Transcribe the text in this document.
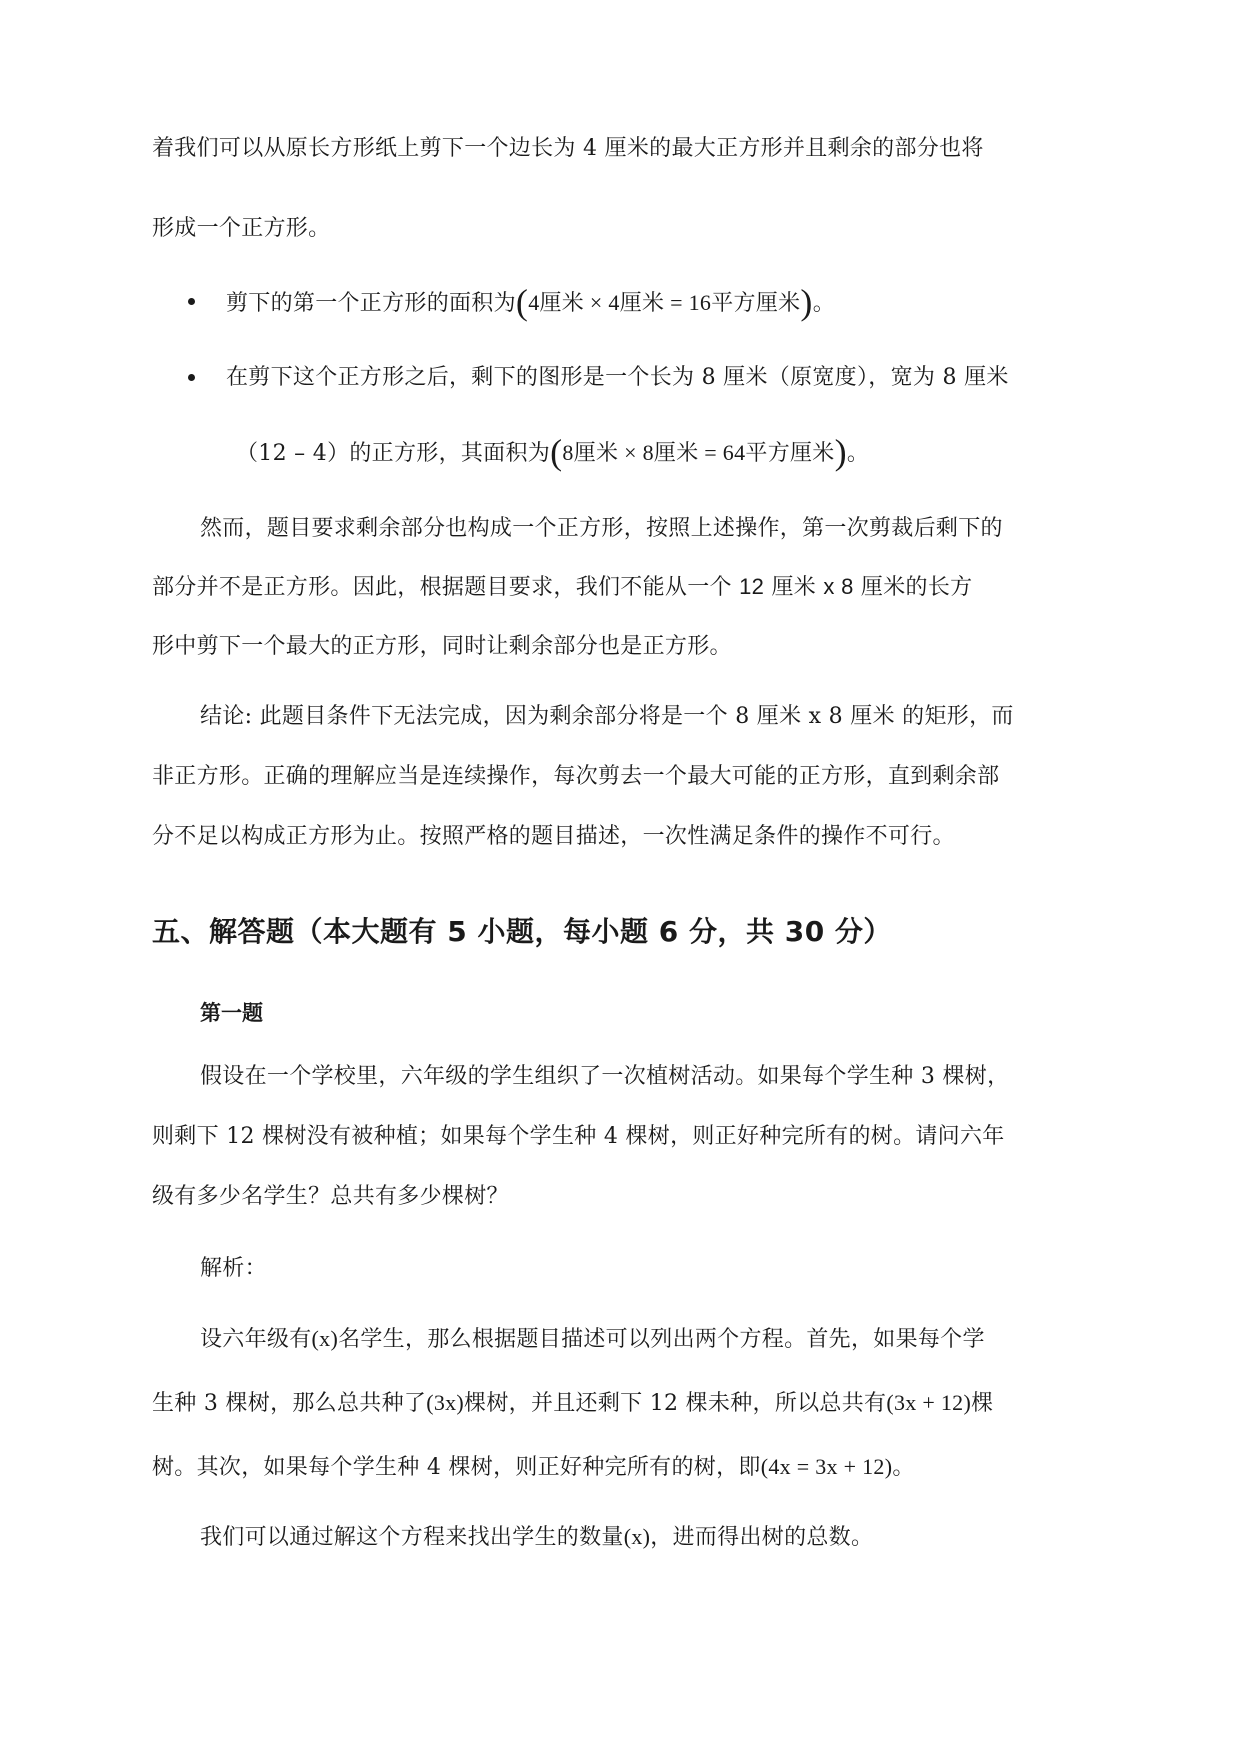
着我们可以从原长方形纸上剪下一个边长为 4 厘米的最大正方形并且剩余的部分也将
形成一个正方形。
剪下的第一个正方形的面积为(4厘米 × 4厘米 = 16平方厘米)。
在剪下这个正方形之后，剩下的图形是一个长为 8 厘米（原宽度），宽为 8 厘米
（12 – 4）的正方形，其面积为(8厘米 × 8厘米 = 64平方厘米)。
然而，题目要求剩余部分也构成一个正方形，按照上述操作，第一次剪裁后剩下的
部分并不是正方形。因此，根据题目要求，我们不能从一个 12 厘米 x 8 厘米的长方
形中剪下一个最大的正方形，同时让剩余部分也是正方形。
结论: 此题目条件下无法完成，因为剩余部分将是一个 8 厘米 x 8 厘米 的矩形，而
非正方形。正确的理解应当是连续操作，每次剪去一个最大可能的正方形，直到剩余部
分不足以构成正方形为止。按照严格的题目描述，一次性满足条件的操作不可行。
五、解答题（本大题有 5 小题，每小题 6 分，共 30 分）
第一题
假设在一个学校里，六年级的学生组织了一次植树活动。如果每个学生种 3 棵树，
则剩下 12 棵树没有被种植；如果每个学生种 4 棵树，则正好种完所有的树。请问六年
级有多少名学生？总共有多少棵树？
解析：
设六年级有(x)名学生，那么根据题目描述可以列出两个方程。首先，如果每个学
生种 3 棵树，那么总共种了(3x)棵树，并且还剩下 12 棵未种，所以总共有(3x + 12)棵
树。其次，如果每个学生种 4 棵树，则正好种完所有的树，即(4x = 3x + 12)。
我们可以通过解这个方程来找出学生的数量(x)，进而得出树的总数。
